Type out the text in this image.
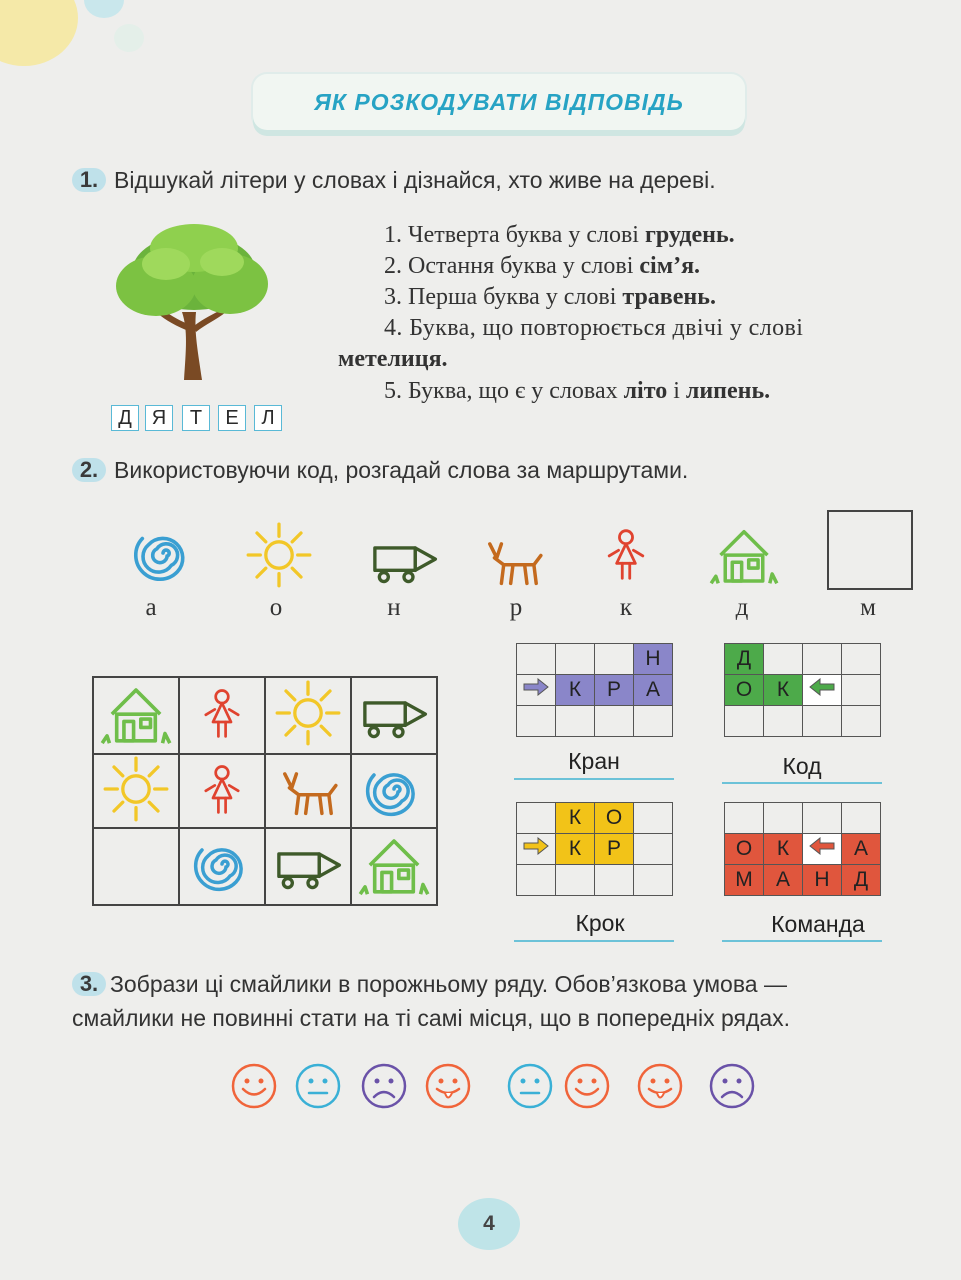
ЯК РОЗКОДУВАТИ ВІДПОВІДЬ
1. Відшукай літери у словах і дізнайся, хто живе на дереві.
Д	Я	Т	Е	Л
1. Четверта буква у слові грудень.
2. Остання буква у слові сім’я.
3. Перша буква у слові травень.
4. Буква, що повторюється двічі у слові
метелиця.
5. Буква, що є у словах літо і липень.
2. Використовуючи код, розгадай слова за маршрутами.
а	о	н	р	к	д	м

			Н
	К	Р	А

Кран
Д			
О	К		

Код
	К	О	
	К	Р	

Крок

О	К		А
М	А	Н	Д
Команда
3. Зобрази ці смайлики в порожньому ряду. Обов’язкова умова —
смайлики не повинні стати на ті самі місця, що в попередніх рядах.
4
